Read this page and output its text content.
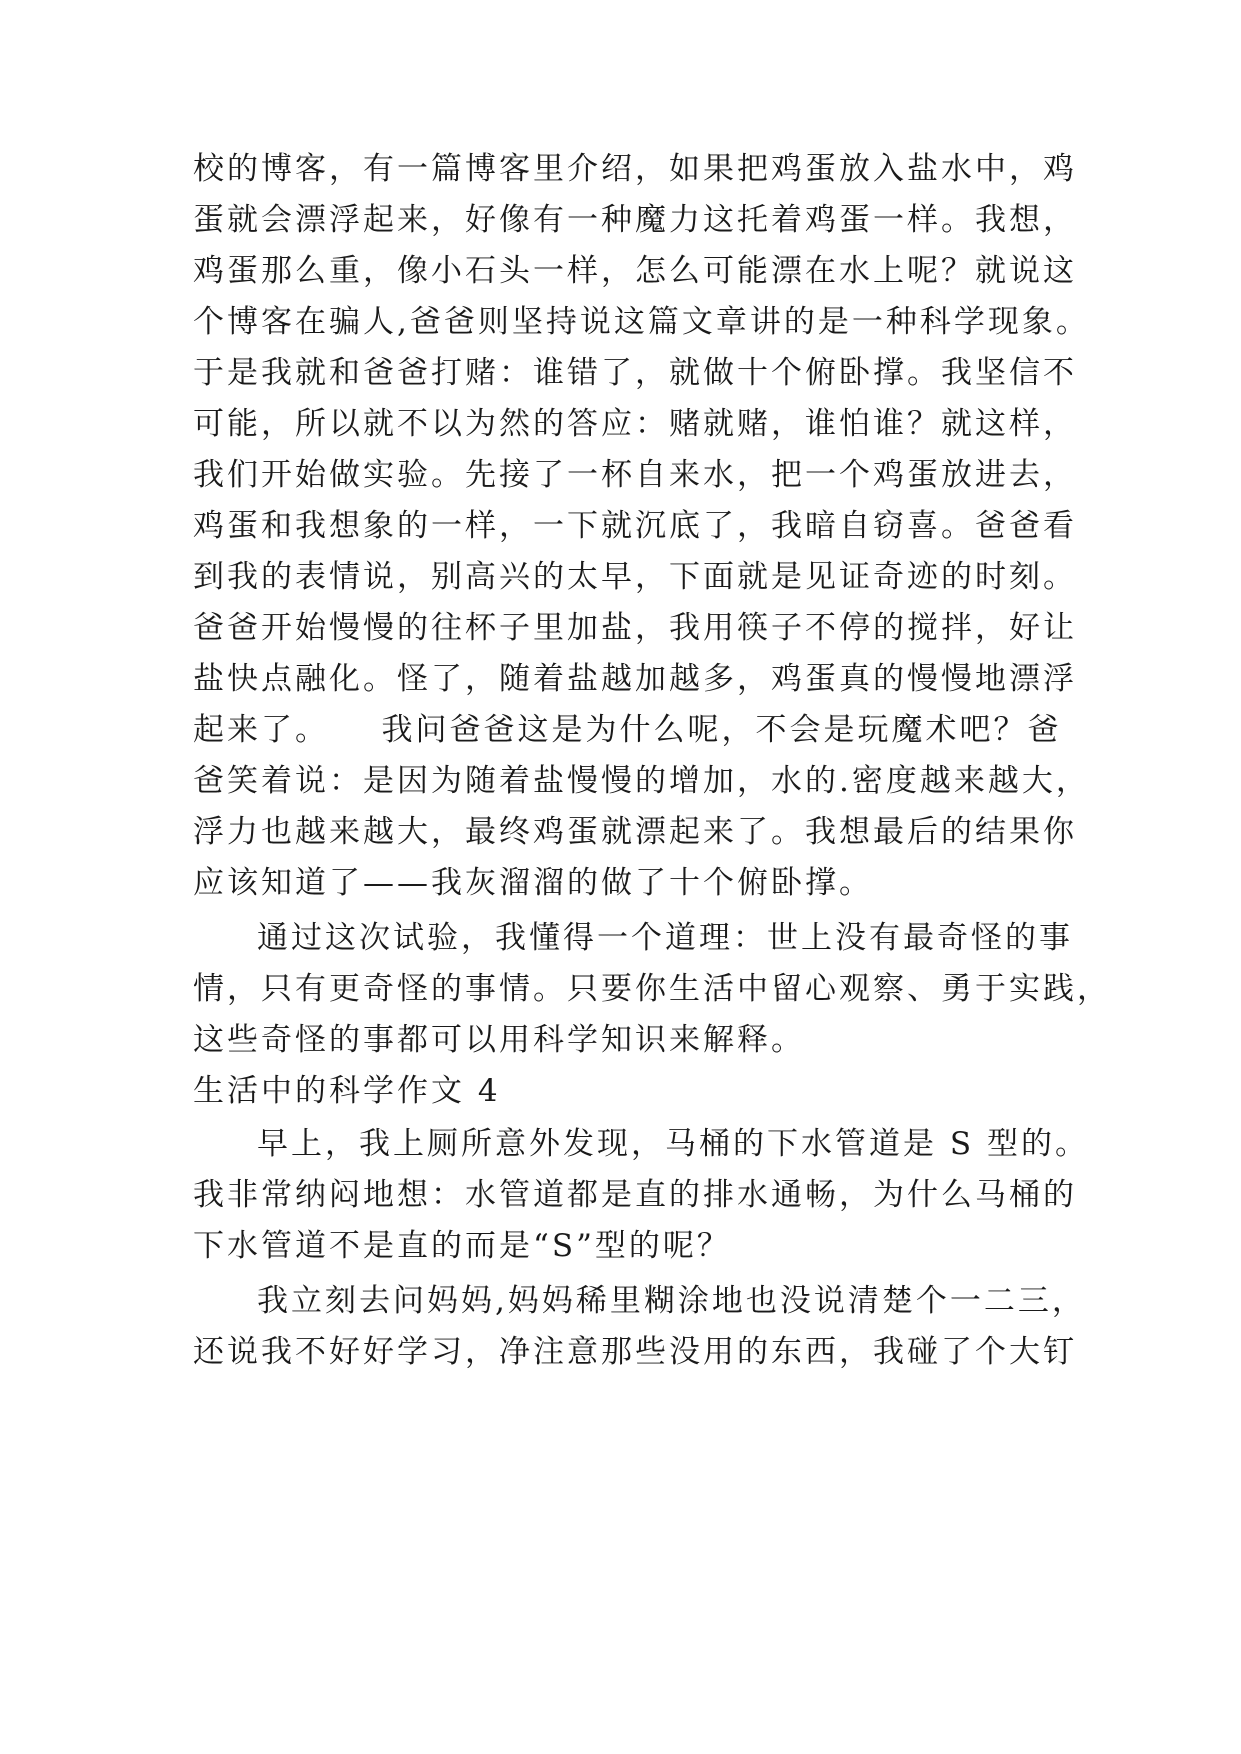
校的博客，有一篇博客里介绍，如果把鸡蛋放入盐水中，鸡
蛋就会漂浮起来，好像有一种魔力这托着鸡蛋一样。我想，
鸡蛋那么重，像小石头一样，怎么可能漂在水上呢？就说这
个博客在骗人,爸爸则坚持说这篇文章讲的是一种科学现象。
于是我就和爸爸打赌：谁错了，就做十个俯卧撑。我坚信不
可能，所以就不以为然的答应：赌就赌，谁怕谁？就这样，
我们开始做实验。先接了一杯自来水，把一个鸡蛋放进去，
鸡蛋和我想象的一样，一下就沉底了，我暗自窃喜。爸爸看
到我的表情说，别高兴的太早，下面就是见证奇迹的时刻。
爸爸开始慢慢的往杯子里加盐，我用筷子不停的搅拌，好让
盐快点融化。怪了，随着盐越加越多，鸡蛋真的慢慢地漂浮
起来了。　　我问爸爸这是为什么呢，不会是玩魔术吧？爸
爸笑着说：是因为随着盐慢慢的增加，水的.密度越来越大，
浮力也越来越大，最终鸡蛋就漂起来了。我想最后的结果你
应该知道了——我灰溜溜的做了十个俯卧撑。
通过这次试验，我懂得一个道理：世上没有最奇怪的事
情，只有更奇怪的事情。只要你生活中留心观察、勇于实践，
这些奇怪的事都可以用科学知识来解释。
生活中的科学作文 4
早上，我上厕所意外发现，马桶的下水管道是 S 型的。
我非常纳闷地想：水管道都是直的排水通畅，为什么马桶的
下水管道不是直的而是“S”型的呢？
我立刻去问妈妈,妈妈稀里糊涂地也没说清楚个一二三，
还说我不好好学习，净注意那些没用的东西，我碰了个大钉
